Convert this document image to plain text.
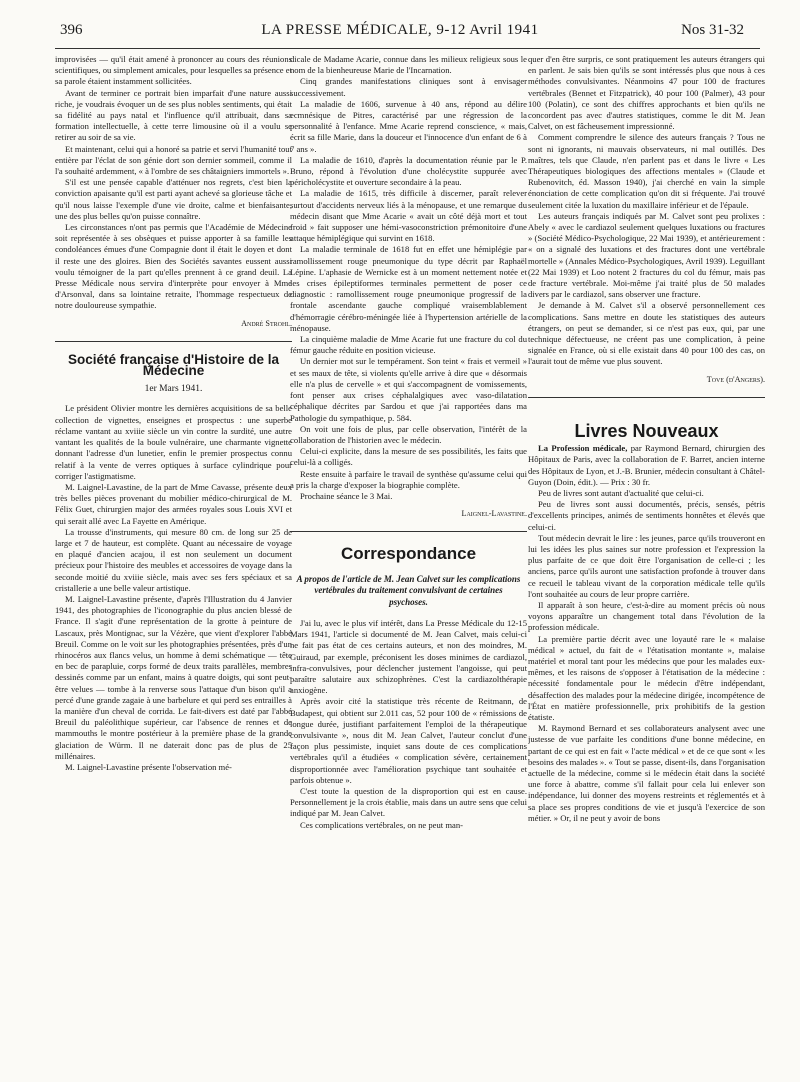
396	LA PRESSE MÉDICALE, 9-12 Avril 1941	Nos 31-32

improvisées — qu'il était amené à prononcer au cours des réunions scientifiques, ou simplement amicales, pour lesquelles sa présence et sa parole étaient instamment sollicitées.

Avant de terminer ce portrait bien imparfait d'une nature aussi riche, je voudrais évoquer un de ses plus nobles sentiments, qui était sa fidélité au pays natal et l'influence qu'il attribuait, dans sa formation intellectuelle, à cette terre limousine où il a voulu se retirer au soir de sa vie.

Et maintenant, celui qui a honoré sa patrie et servi l'humanité tout entière par l'éclat de son génie dort son dernier sommeil, comme il l'a souhaité ardemment, « à l'ombre de ses châtaigniers immortels ».

S'il est une pensée capable d'atténuer nos regrets, c'est bien la conviction apaisante qu'il est parti ayant achevé sa glorieuse tâche et qu'il nous laisse l'exemple d'une vie droite, calme et bienfaisante, une des plus belles qu'on puisse connaître.

Les circonstances n'ont pas permis que l'Académie de Médecine soit représentée à ses obsèques et puisse apporter à sa famille les condoléances émues d'une Compagnie dont il était le doyen et dont il reste une des gloires. Bien des Sociétés savantes eussent aussi voulu témoigner de la part qu'elles prennent à ce grand deuil. La Presse Médicale nous servira d'interprète pour envoyer à Mme d'Arsonval, dans sa lointaine retraite, l'hommage respectueux de notre douloureuse sympathie.

André Strohl.
Société française d'Histoire de la Médecine
1er Mars 1941.

Le président Olivier montre les dernières acquisitions de sa belle collection de vignettes, enseignes et prospectus : une superbe réclame vantant au xviiie siècle un vin contre la surdité, une autre vantant les qualités de la boule vulnéraire, une charmante vignette donnant l'adresse d'un lunetier, enfin le premier prospectus connu relatif à la vente de verres optiques à surface cylindrique pour corriger l'astigmatisme.

M. Laignel-Lavastine, de la part de Mme Cavasse, présente deux très belles pièces provenant du mobilier médico-chirurgical de M. Félix Guet, chirurgien major des armées royales sous Louis XVI et qui serait allé avec La Fayette en Amérique.

La trousse d'instruments, qui mesure 80 cm. de long sur 25 de large et 7 de hauteur, est complète. Quant au nécessaire de voyage en plaqué d'ancien acajou, il est non seulement un document précieux pour l'histoire des meubles et accessoires de voyage dans la seconde moitié du xviiie siècle, mais avec ses fers spéciaux et sa cristallerie a une belle valeur artistique.

M. Laignel-Lavastine présente, d'après l'Illustration du 4 Janvier 1941, des photographies de l'iconographie du plus ancien blessé de France. Il s'agit d'une représentation de la grotte à peinture de Lascaux, près Montignac, sur la Vézère, que vient d'explorer l'abbé Breuil. Comme on le voit sur les photographies présentées, près d'un rhinocéros aux flancs velus, un homme à demi schématique — tête en bec de parapluie, corps formé de deux traits parallèles, membres dessinés comme par un enfant, mains à quatre doigts, qui sont peut-être velues — tombe à la renverse sous l'attaque d'un bison qu'il a percé d'une grande zagaie à une barbelure et qui perd ses entrailles à la manière d'un cheval de corrida. Le fait-divers est daté par l'abbé Breuil du paléolithique supérieur, car l'absence de rennes et de mammouths le montre postérieur à la première phase de la grande glaciation de Würm. Il ne daterait donc pas de plus de 25 millénaires.

M. Laignel-Lavastine présente l'observation mé-

dicale de Madame Acarie, connue dans les milieux religieux sous le nom de la bienheureuse Marie de l'Incarnation.

Cinq grandes manifestations cliniques sont à envisager successivement.

La maladie de 1606, survenue à 40 ans, répond au délire ecmnésique de Pitres, caractérisé par une régression de la personnalité à l'enfance. Mme Acarie reprend conscience, « mais, écrit sa fille Marie, dans la douceur et l'innocence d'un enfant de 6 à 7 ans ».

La maladie de 1610, d'après la documentation réunie par le P. Bruno, répond à l'évolution d'une cholécystite suppurée avec péricholécystite et ouverture secondaire à la peau.

La maladie de 1615, très difficile à discerner, paraît relever surtout d'accidents nerveux liés à la ménopause, et une remarque du médecin disant que Mme Acarie « avait un côté déjà mort et tout froid » fait supposer une hémi-vasoconstriction prémonitoire d'une attaque hémiplégique qui survint en 1618.

La maladie terminale de 1618 fut en effet une hémiplégie par ramollissement rouge pneumonique du type décrit par Raphaël Lépine. L'aphasie de Wernicke est à un moment nettement notée et les crises épileptiformes terminales permettent de poser ce diagnostic : ramollissement rouge pneumonique progressif de la frontale ascendante gauche compliqué vraisemblablement d'hémorragie cérébro-méningée liée à l'hypertension artérielle de la ménopause.

La cinquième maladie de Mme Acarie fut une fracture du col du fémur gauche réduite en position vicieuse.

Un dernier mot sur le tempérament. Son teint « frais et vermeil » et ses maux de tête, si violents qu'elle arrive à dire que « désormais elle n'a plus de cervelle » et qui s'accompagnent de vomissements, font penser aux crises céphalalgiques avec vaso-dilatation céphalique décrites par Sardou et que j'ai rapportées dans ma Pathologie du sympathique, p. 584.

On voit une fois de plus, par celle observation, l'intérêt de la collaboration de l'historien avec le médecin.

Celui-ci explicite, dans la mesure de ses possibilités, les faits que celui-là a colligés.

Reste ensuite à parfaire le travail de synthèse qu'assume celui qui a pris la charge d'exposer la biographie complète.

Prochaine séance le 3 Mai.

Laignel-Lavastine.
Correspondance
A propos de l'article de M. Jean Calvet sur les complications vertébrales du traitement convulsivant de certaines psychoses.

J'ai lu, avec le plus vif intérêt, dans La Presse Médicale du 12-15 Mars 1941, l'article si documenté de M. Jean Calvet, mais celui-ci ne fait pas état de ces certains auteurs, et non des moindres, M. Guiraud, par exemple, préconisent les doses minimes de cardiazol, infra-convulsives, pour déclencher justement l'angoisse, qui peut paraître salutaire aux schizophrènes. C'est la cardiazolthérapie anxiogène.

Après avoir cité la statistique très récente de Reitmann, de Budapest, qui obtient sur 2.011 cas, 52 pour 100 de « rémissions de longue durée, justifiant parfaitement l'emploi de la thérapeutique convulsivante », nous dit M. Jean Calvet, l'auteur conclut d'une façon plus pessimiste, inquiet sans doute de ces complications vertébrales qu'il a étudiées « complication sévère, certainement disproportionnée avec l'amélioration psychique tant souhaitée et parfois obtenue ».

C'est toute la question de la disproportion qui est en cause. Personnellement je la crois établie, mais dans un autre sens que celui indiqué par M. Jean Calvet.

Ces complications vertébrales, on ne peut man-

quer d'en être surpris, ce sont pratiquement les auteurs étrangers qui en parlent. Je sais bien qu'ils se sont intéressés plus que nous à ces méthodes convulsivantes. Néanmoins 47 pour 100 de fractures vertébrales (Bennet et Fitzpatrick), 40 pour 100 (Palmer), 43 pour 100 (Polatin), ce sont des chiffres approchants et bien qu'ils ne concordent pas avec d'autres statistiques, comme le dit M. Jean Calvet, on est fâcheusement impressionné.

Comment comprendre le silence des auteurs français ? Tous ne sont ni ignorants, ni mauvais observateurs, ni mal outillés. Des maîtres, tels que Claude, n'en parlent pas et dans le livre « Les Thérapeutiques biologiques des affections mentales » (Claude et Rubenovitch, éd. Masson 1940), j'ai cherché en vain la simple énonciation de cette complication qu'on dit si fréquente. J'ai trouvé seulement citée la luxation du maxillaire inférieur et de l'épaule.

Les auteurs français indiqués par M. Calvet sont peu prolixes : Abely « avec le cardiazol seulement quelques luxations ou fractures » (Société Médico-Psychologique, 22 Mai 1939), et antérieurement : « on a signalé des luxations et des fractures dont une vertébrale mortelle » (Annales Médico-Psychologiques, Avril 1939). Leguillant (22 Mai 1939) et Loo notent 2 fractures du col du fémur, mais pas de fracture vertébrale. Moi-même j'ai traité plus de 50 malades divers par le cardiazol, sans observer une fracture.

Je demande à M. Calvet s'il a observé personnellement ces complications. Sans mettre en doute les statistiques des auteurs étrangers, on peut se demander, si ce n'est pas eux, qui, par une technique défectueuse, ne créent pas une complication, à peine signalée en France, où si elle existait dans 40 pour 100 des cas, on l'aurait tout de même vue plus souvent.

Tove (d'Angers).
Livres Nouveaux

La Profession médicale, par Raymond Bernard, chirurgien des Hôpitaux de Paris, avec la collaboration de F. Barret, ancien interne des Hôpitaux de Lyon, et J.-B. Brunier, médecin consultant à Châtel-Guyon (Doin, édit.). — Prix : 30 fr.

Peu de livres sont autant d'actualité que celui-ci.

Peu de livres sont aussi documentés, précis, sensés, pétris d'excellents principes, animés de sentiments honnêtes et élevés que celui-ci.

Tout médecin devrait le lire : les jeunes, parce qu'ils trouveront en lui les idées les plus saines sur notre profession et l'expression la plus parfaite de ce que doit être l'organisation de celle-ci ; les anciens, parce qu'ils auront une satisfaction profonde à trouver dans ce recueil le tableau vivant de la corporation médicale telle qu'ils l'ont souhaitée au cours de leur propre carrière.

Il apparaît à son heure, c'est-à-dire au moment précis où nous voyons apparaître un changement total dans l'évolution de la profession médicale.

La première partie décrit avec une loyauté rare le « malaise médical » actuel, du fait de « l'étatisation montante », malaise matériel et moral tant pour les médecins que pour les malades eux-mêmes, et les raisons de s'opposer à l'étatisation de la médecine : nécessité fondamentale pour le médecin d'être indépendant, désaffection des malades pour la médecine dirigée, incompétence de l'État en matière professionnelle, prix prohibitifs de la gestion étatiste.

M. Raymond Bernard et ses collaborateurs analysent avec une justesse de vue parfaite les conditions d'une bonne médecine, en partant de ce qui est en fait « l'acte médical » et de ce que sont « les besoins des malades ». « Tout se passe, disent-ils, dans l'organisation actuelle de la médecine, comme si le médecin était dans la société une force à abattre, comme s'il fallait pour cela lui enlever son indépendance, lui donner des moyens restreints et réglementés et à sa place ses propres conditions de vie et jusqu'à l'exercice de son métier. » Or, il ne peut y avoir de bons
